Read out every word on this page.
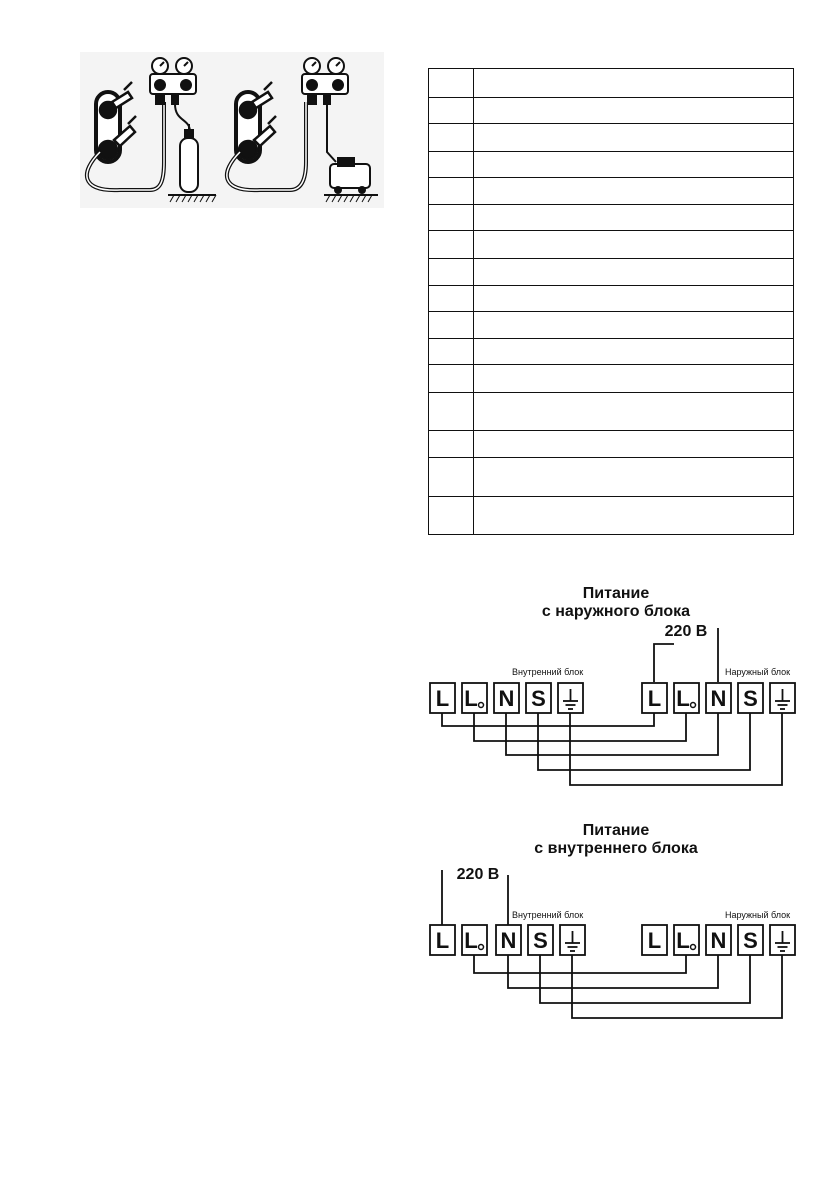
Питание
с наружного блока
220 В
Внутренний блок	Наружный блок
L L N S	L L N S
Питание
с внутреннего блока
220 В
Внутренний блок	Наружный блок
L L N S	L L N S
